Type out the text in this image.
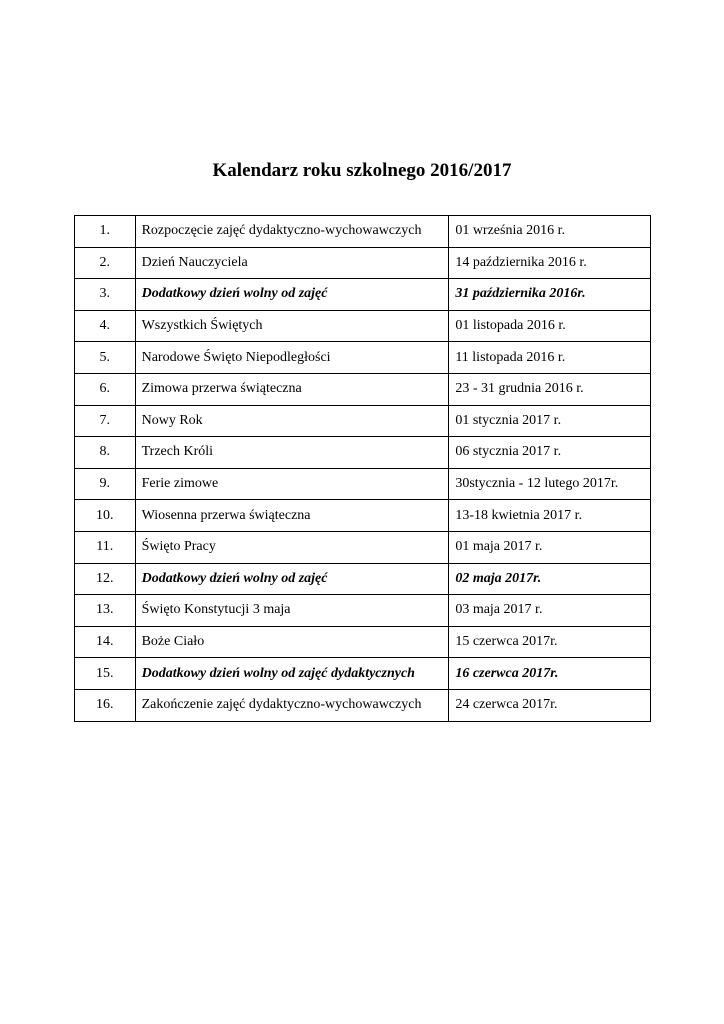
Kalendarz roku szkolnego 2016/2017
1.	Rozpoczęcie zajęć dydaktyczno-wychowawczych	01 września 2016 r.
2.	Dzień Nauczyciela	14 października 2016 r.
3.	Dodatkowy dzień wolny od zajęć	31 października 2016r.
4.	Wszystkich Świętych	01 listopada 2016 r.
5.	Narodowe Święto Niepodległości	11 listopada 2016 r.
6.	Zimowa przerwa świąteczna	23 - 31 grudnia 2016 r.
7.	Nowy Rok	01 stycznia 2017 r.
8.	Trzech Króli	06 stycznia 2017 r.
9.	Ferie zimowe	30stycznia - 12 lutego 2017r.
10.	Wiosenna przerwa świąteczna	13-18 kwietnia 2017 r.
11.	Święto Pracy	01 maja 2017 r.
12.	Dodatkowy dzień wolny od zajęć	02 maja 2017r.
13.	Święto Konstytucji 3 maja	03 maja 2017 r.
14.	Boże Ciało	15 czerwca 2017r.
15.	Dodatkowy dzień wolny od zajęć dydaktycznych	16 czerwca 2017r.
16.	Zakończenie zajęć dydaktyczno-wychowawczych	24 czerwca 2017r.
